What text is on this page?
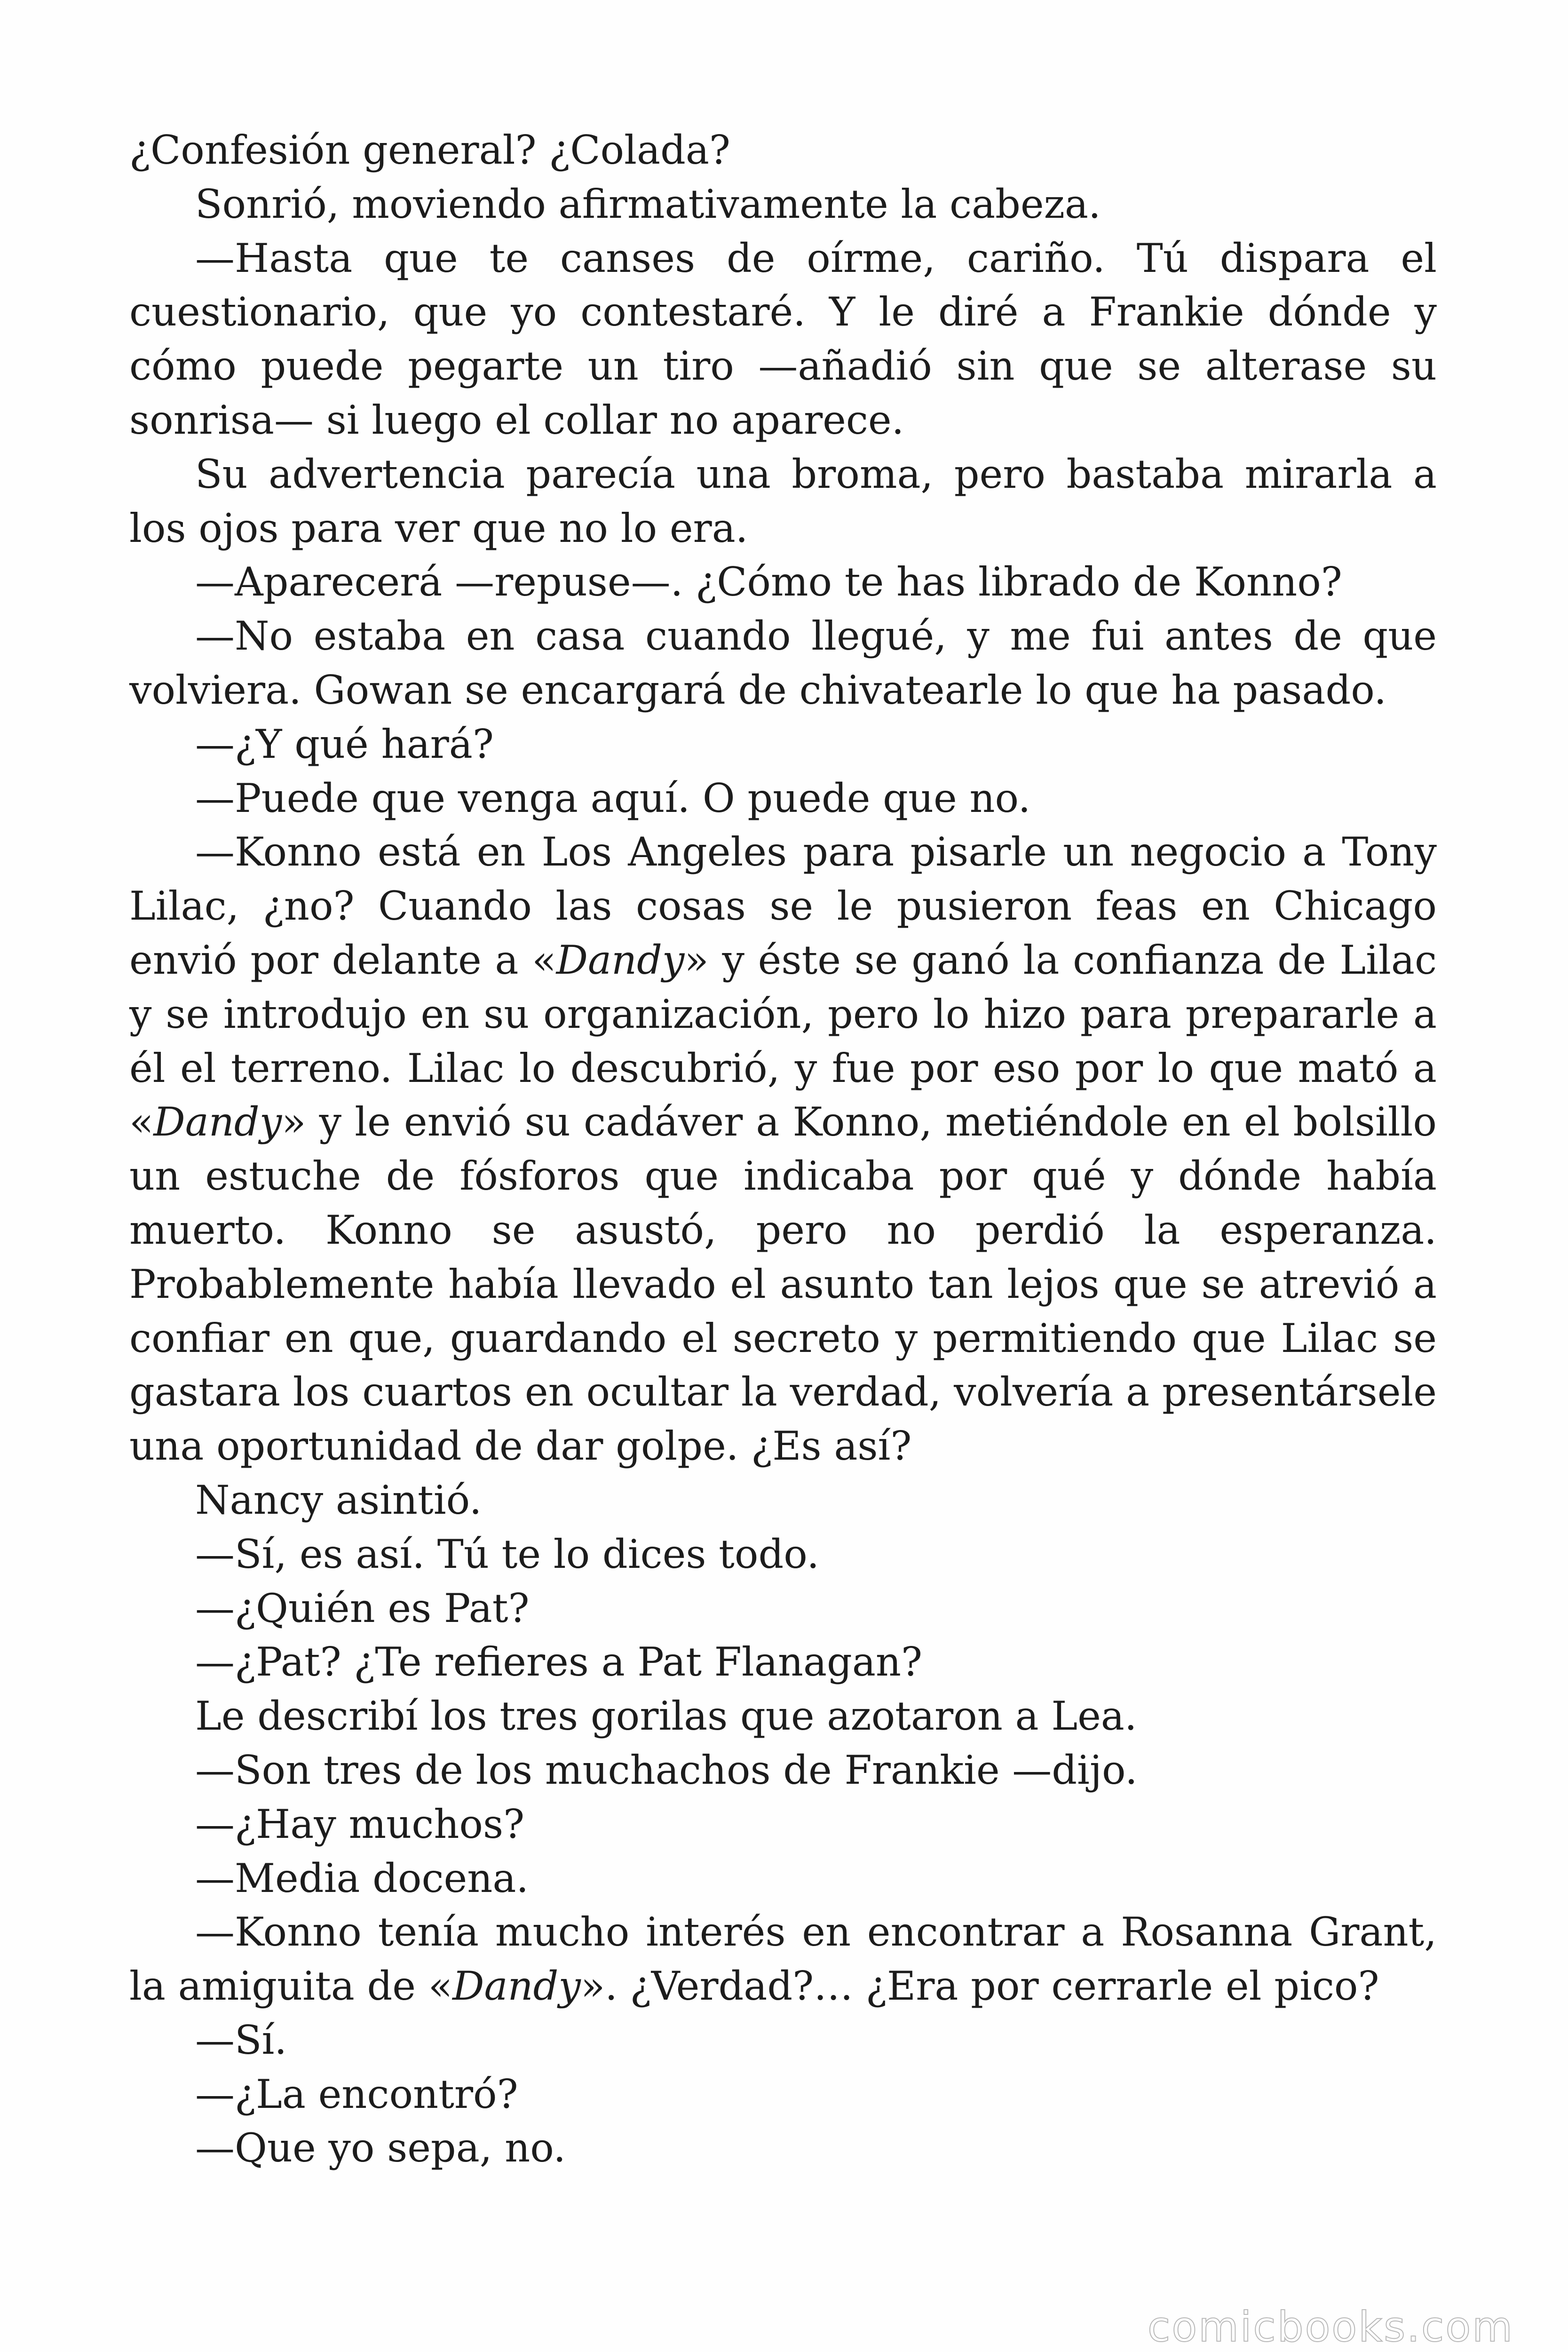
¿Confesión general? ¿Colada?

Sonrió, moviendo afirmativamente la cabeza.

—Hasta que te canses de oírme, cariño. Tú dispara el cuestionario, que yo contestaré. Y le diré a Frankie dónde y cómo puede pegarte un tiro —añadió sin que se alterase su sonrisa— si luego el collar no aparece.

Su advertencia parecía una broma, pero bastaba mirarla a los ojos para ver que no lo era.

—Aparecerá —repuse—. ¿Cómo te has librado de Konno?

—No estaba en casa cuando llegué, y me fui antes de que volviera. Gowan se encargará de chivatearle lo que ha pasado.

—¿Y qué hará?

—Puede que venga aquí. O puede que no.

—Konno está en Los Angeles para pisarle un negocio a Tony Lilac, ¿no? Cuando las cosas se le pusieron feas en Chicago envió por delante a «Dandy» y éste se ganó la confianza de Lilac y se introdujo en su organización, pero lo hizo para prepararle a él el terreno. Lilac lo descubrió, y fue por eso por lo que mató a «Dandy» y le envió su cadáver a Konno, metiéndole en el bolsillo un estuche de fósforos que indicaba por qué y dónde había muerto. Konno se asustó, pero no perdió la esperanza. Probablemente había llevado el asunto tan lejos que se atrevió a confiar en que, guardando el secreto y permitiendo que Lilac se gastara los cuartos en ocultar la verdad, volvería a presentársele una oportunidad de dar golpe. ¿Es así?

Nancy asintió.

—Sí, es así. Tú te lo dices todo.

—¿Quién es Pat?

—¿Pat? ¿Te refieres a Pat Flanagan?

Le describí los tres gorilas que azotaron a Lea.

—Son tres de los muchachos de Frankie —dijo.

—¿Hay muchos?

—Media docena.

—Konno tenía mucho interés en encontrar a Rosanna Grant, la amiguita de «Dandy». ¿Verdad?… ¿Era por cerrarle el pico?

—Sí.

—¿La encontró?

—Que yo sepa, no.

comicbooks.com
